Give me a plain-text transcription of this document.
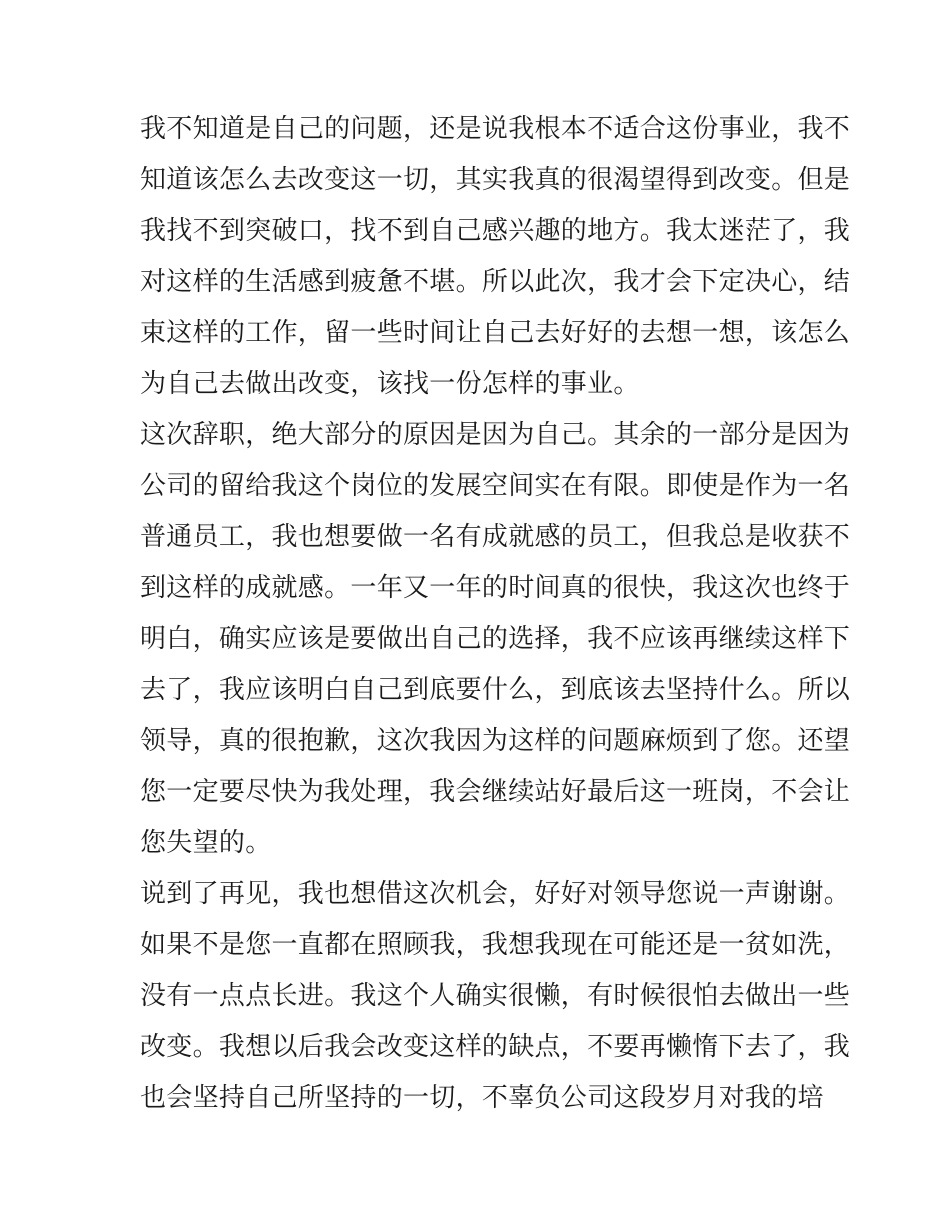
我不知道是自己的问题，还是说我根本不适合这份事业，我不
知道该怎么去改变这一切，其实我真的很渴望得到改变。但是
我找不到突破口，找不到自己感兴趣的地方。我太迷茫了，我
对这样的生活感到疲惫不堪。所以此次，我才会下定决心，结
束这样的工作，留一些时间让自己去好好的去想一想，该怎么
为自己去做出改变，该找一份怎样的事业。
这次辞职，绝大部分的原因是因为自己。其余的一部分是因为
公司的留给我这个岗位的发展空间实在有限。即使是作为一名
普通员工，我也想要做一名有成就感的员工，但我总是收获不
到这样的成就感。一年又一年的时间真的很快，我这次也终于
明白，确实应该是要做出自己的选择，我不应该再继续这样下
去了，我应该明白自己到底要什么，到底该去坚持什么。所以
领导，真的很抱歉，这次我因为这样的问题麻烦到了您。还望
您一定要尽快为我处理，我会继续站好最后这一班岗，不会让
您失望的。
说到了再见，我也想借这次机会，好好对领导您说一声谢谢。
如果不是您一直都在照顾我，我想我现在可能还是一贫如洗，
没有一点点长进。我这个人确实很懒，有时候很怕去做出一些
改变。我想以后我会改变这样的缺点，不要再懒惰下去了，我
也会坚持自己所坚持的一切，不辜负公司这段岁月对我的培
